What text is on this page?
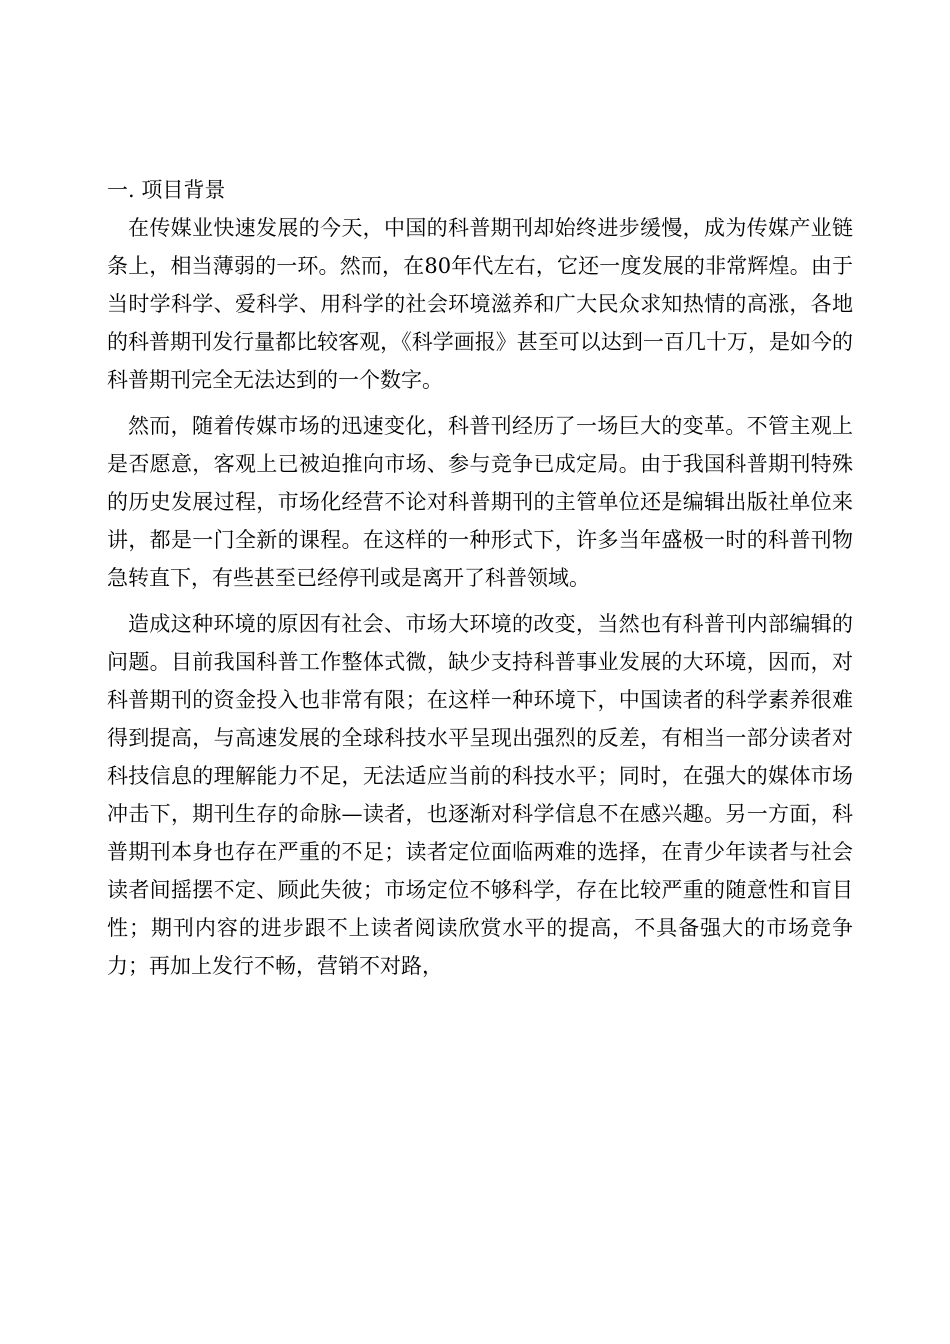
一. 项目背景

在传媒业快速发展的今天，中国的科普期刊却始终进步缓慢，成为传媒产业链条上，相当薄弱的一环。然而，在80年代左右，它还一度发展的非常辉煌。由于当时学科学、爱科学、用科学的社会环境滋养和广大民众求知热情的高涨，各地的科普期刊发行量都比较客观，《科学画报》甚至可以达到一百几十万，是如今的科普期刊完全无法达到的一个数字。

然而，随着传媒市场的迅速变化，科普刊经历了一场巨大的变革。不管主观上是否愿意，客观上已被迫推向市场、参与竞争已成定局。由于我国科普期刊特殊的历史发展过程，市场化经营不论对科普期刊的主管单位还是编辑出版社单位来讲，都是一门全新的课程。在这样的一种形式下，许多当年盛极一时的科普刊物急转直下，有些甚至已经停刊或是离开了科普领域。

造成这种环境的原因有社会、市场大环境的改变，当然也有科普刊内部编辑的问题。目前我国科普工作整体式微，缺少支持科普事业发展的大环境，因而，对科普期刊的资金投入也非常有限；在这样一种环境下，中国读者的科学素养很难得到提高，与高速发展的全球科技水平呈现出强烈的反差，有相当一部分读者对科技信息的理解能力不足，无法适应当前的科技水平；同时，在强大的媒体市场冲击下，期刊生存的命脉—读者，也逐渐对科学信息不在感兴趣。另一方面，科普期刊本身也存在严重的不足；读者定位面临两难的选择，在青少年读者与社会读者间摇摆不定、顾此失彼；市场定位不够科学，存在比较严重的随意性和盲目性；期刊内容的进步跟不上读者阅读欣赏水平的提高，不具备强大的市场竞争力；再加上发行不畅，营销不对路，
